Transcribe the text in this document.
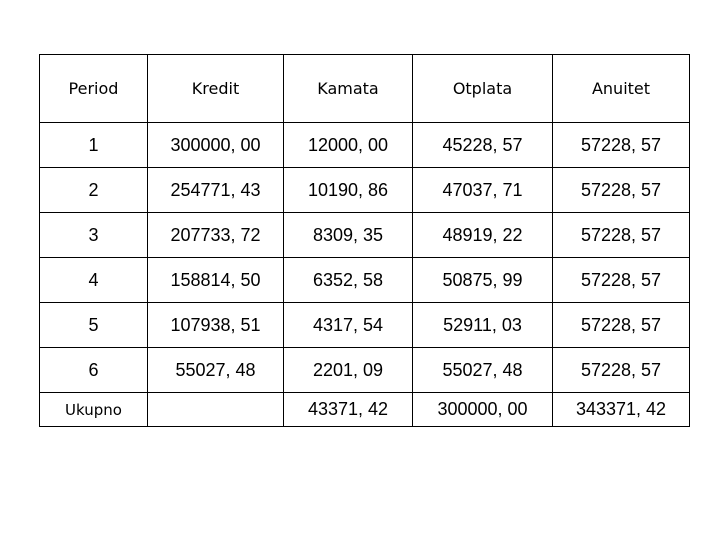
Period	Kredit	Kamata	Otplata	Anuitet
1	300000, 00	12000, 00	45228, 57	57228, 57
2	254771, 43	10190, 86	47037, 71	57228, 57
3	207733, 72	8309, 35	48919, 22	57228, 57
4	158814, 50	6352, 58	50875, 99	57228, 57
5	107938, 51	4317, 54	52911, 03	57228, 57
6	55027, 48	2201, 09	55027, 48	57228, 57
Ukupno		43371, 42	300000, 00	343371, 42
